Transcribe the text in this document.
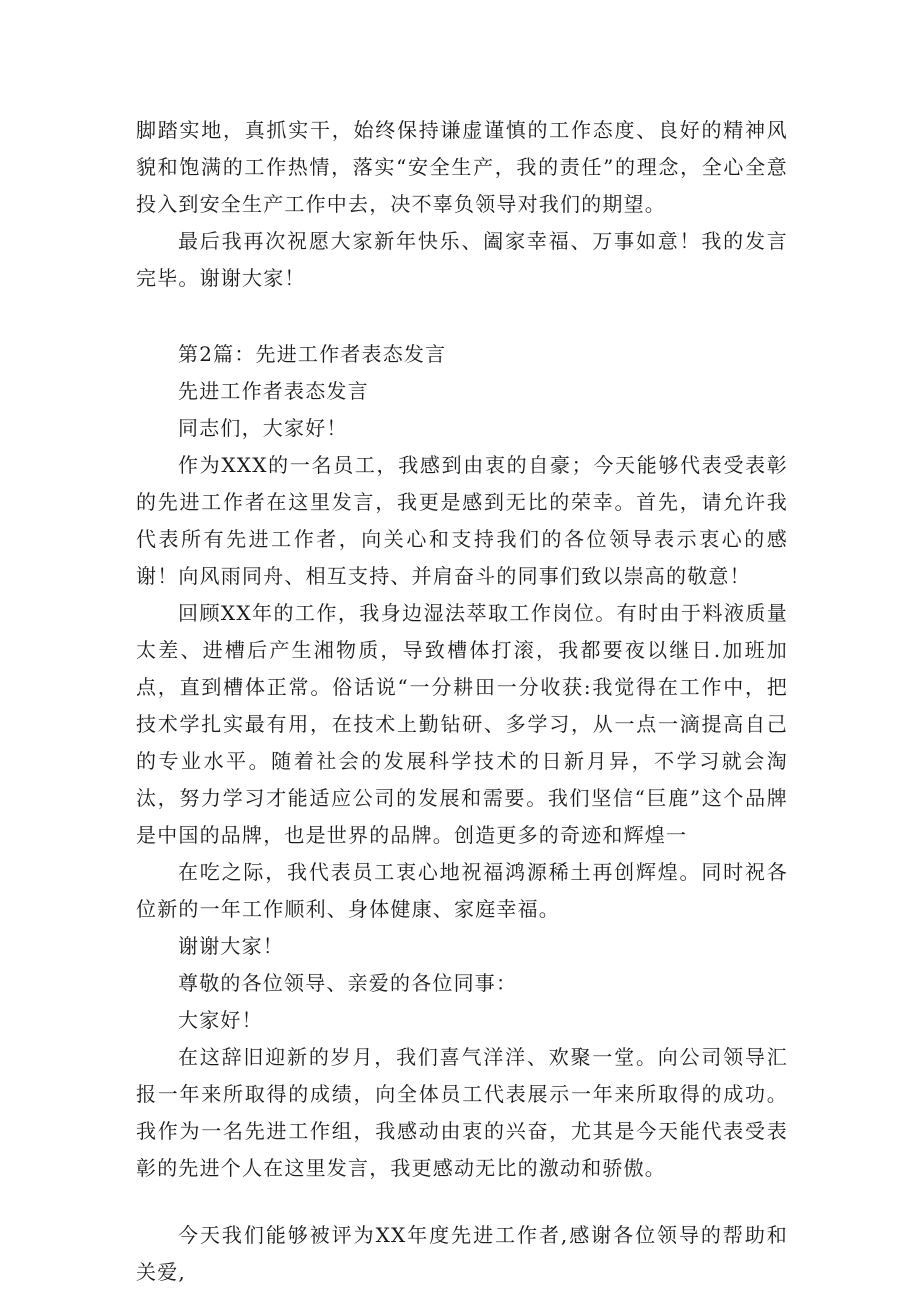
脚踏实地，真抓实干，始终保持谦虚谨慎的工作态度、良好的精神风貌和饱满的工作热情，落实“安全生产，我的责任”的理念，全心全意投入到安全生产工作中去，决不辜负领导对我们的期望。

最后我再次祝愿大家新年快乐、阖家幸福、万事如意！我的发言完毕。谢谢大家！

第2篇：先进工作者表态发言

先进工作者表态发言

同志们，大家好！

作为XXX的一名员工，我感到由衷的自豪；今天能够代表受表彰的先进工作者在这里发言，我更是感到无比的荣幸。首先，请允许我代表所有先进工作者，向关心和支持我们的各位领导表示衷心的感谢！向风雨同舟、相互支持、并肩奋斗的同事们致以崇高的敬意！

回顾XX年的工作，我身边湿法萃取工作岗位。有时由于料液质量太差、进槽后产生湘物质，导致槽体打滚，我都要夜以继日.加班加点，直到槽体正常。俗话说“一分耕田一分收获:我觉得在工作中，把技术学扎实最有用，在技术上勤钻研、多学习，从一点一滴提高自己的专业水平。随着社会的发展科学技术的日新月异，不学习就会淘汰，努力学习才能适应公司的发展和需要。我们坚信“巨鹿”这个品牌是中国的品牌，也是世界的品牌。创造更多的奇迹和辉煌一

在吃之际，我代表员工衷心地祝福鸿源稀土再创辉煌。同时祝各位新的一年工作顺利、身体健康、家庭幸福。

谢谢大家！

尊敬的各位领导、亲爱的各位同事：

大家好！

在这辞旧迎新的岁月，我们喜气洋洋、欢聚一堂。向公司领导汇报一年来所取得的成绩，向全体员工代表展示一年来所取得的成功。我作为一名先进工作组，我感动由衷的兴奋，尤其是今天能代表受表彰的先进个人在这里发言，我更感动无比的激动和骄傲。

今天我们能够被评为XX年度先进工作者,感谢各位领导的帮助和关爱,
